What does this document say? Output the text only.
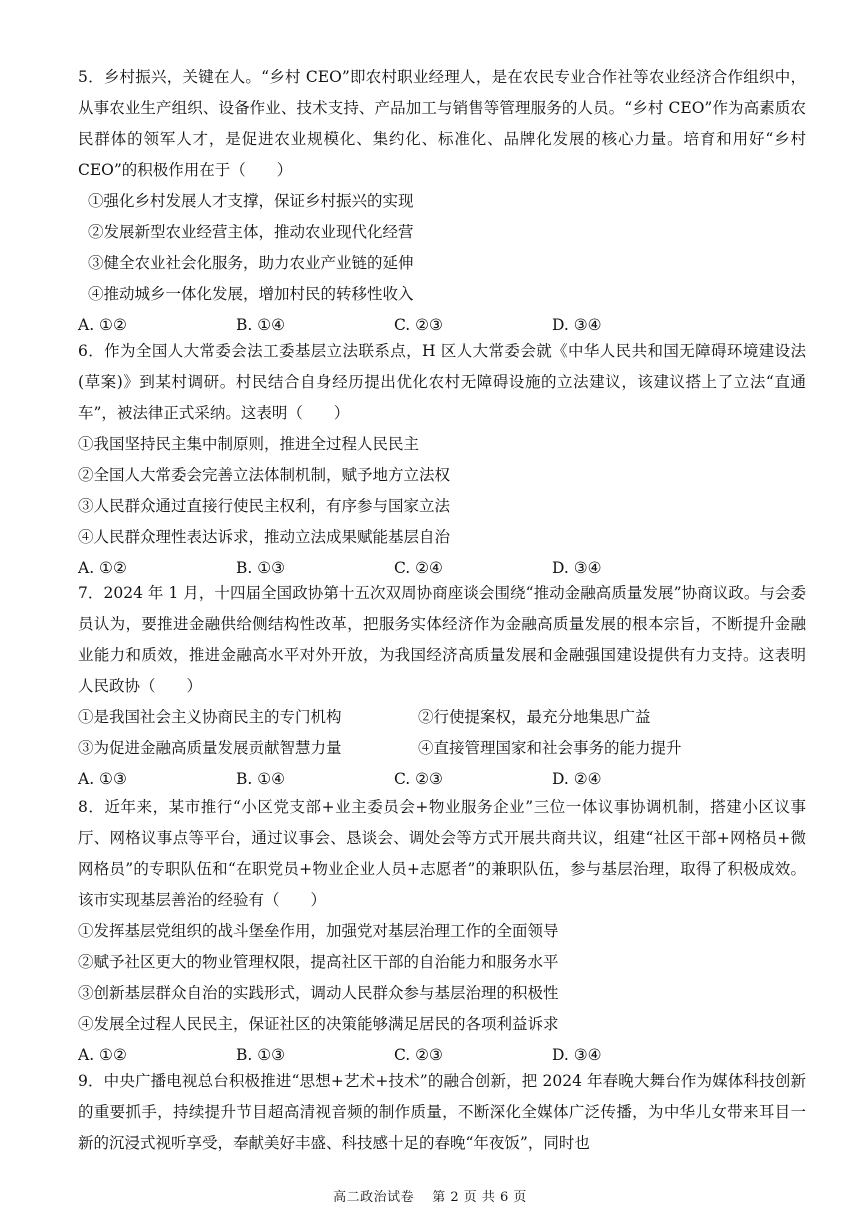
5．乡村振兴，关键在人。“乡村 CEO”即农村职业经理人，是在农民专业合作社等农业经济合作组织中，从事农业生产组织、设备作业、技术支持、产品加工与销售等管理服务的人员。“乡村 CEO”作为高素质农民群体的领军人才，是促进农业规模化、集约化、标准化、品牌化发展的核心力量。培育和用好“乡村 CEO”的积极作用在于（　　）

①强化乡村发展人才支撑，保证乡村振兴的实现

②发展新型农业经营主体，推动农业现代化经营

③健全农业社会化服务，助力农业产业链的延伸

④推动城乡一体化发展，增加村民的转移性收入

A. ①②	B. ①④	C. ②③	D. ③④

6．作为全国人大常委会法工委基层立法联系点，H 区人大常委会就《中华人民共和国无障碍环境建设法(草案)》到某村调研。村民结合自身经历提出优化农村无障碍设施的立法建议，该建议搭上了立法“直通车”，被法律正式采纳。这表明（　　）

①我国坚持民主集中制原则，推进全过程人民民主

②全国人大常委会完善立法体制机制，赋予地方立法权

③人民群众通过直接行使民主权利，有序参与国家立法

④人民群众理性表达诉求，推动立法成果赋能基层自治

A. ①②	B. ①③	C. ②④	D. ③④

7．2024 年 1 月，十四届全国政协第十五次双周协商座谈会围绕“推动金融高质量发展”协商议政。与会委员认为，要推进金融供给侧结构性改革，把服务实体经济作为金融高质量发展的根本宗旨，不断提升金融业能力和质效，推进金融高水平对外开放，为我国经济高质量发展和金融强国建设提供有力支持。这表明人民政协（　　）

①是我国社会主义协商民主的专门机构	②行使提案权，最充分地集思广益

③为促进金融高质量发展贡献智慧力量	④直接管理国家和社会事务的能力提升

A. ①③	B. ①④	C. ②③	D. ②④

8．近年来，某市推行“小区党支部+业主委员会+物业服务企业”三位一体议事协调机制，搭建小区议事厅、网格议事点等平台，通过议事会、恳谈会、调处会等方式开展共商共议，组建“社区干部+网格员+微网格员”的专职队伍和“在职党员+物业企业人员+志愿者”的兼职队伍，参与基层治理，取得了积极成效。该市实现基层善治的经验有（　　）

①发挥基层党组织的战斗堡垒作用，加强党对基层治理工作的全面领导

②赋予社区更大的物业管理权限，提高社区干部的自治能力和服务水平

③创新基层群众自治的实践形式，调动人民群众参与基层治理的积极性

④发展全过程人民民主，保证社区的决策能够满足居民的各项利益诉求

A. ①②	B. ①③	C. ②③	D. ③④

9．中央广播电视总台积极推进“思想+艺术+技术”的融合创新，把 2024 年春晚大舞台作为媒体科技创新的重要抓手，持续提升节目超高清视音频的制作质量，不断深化全媒体广泛传播，为中华儿女带来耳目一新的沉浸式视听享受，奉献美好丰盛、科技感十足的春晚“年夜饭”，同时也

高二政治试卷　 第 2 页 共 6 页
